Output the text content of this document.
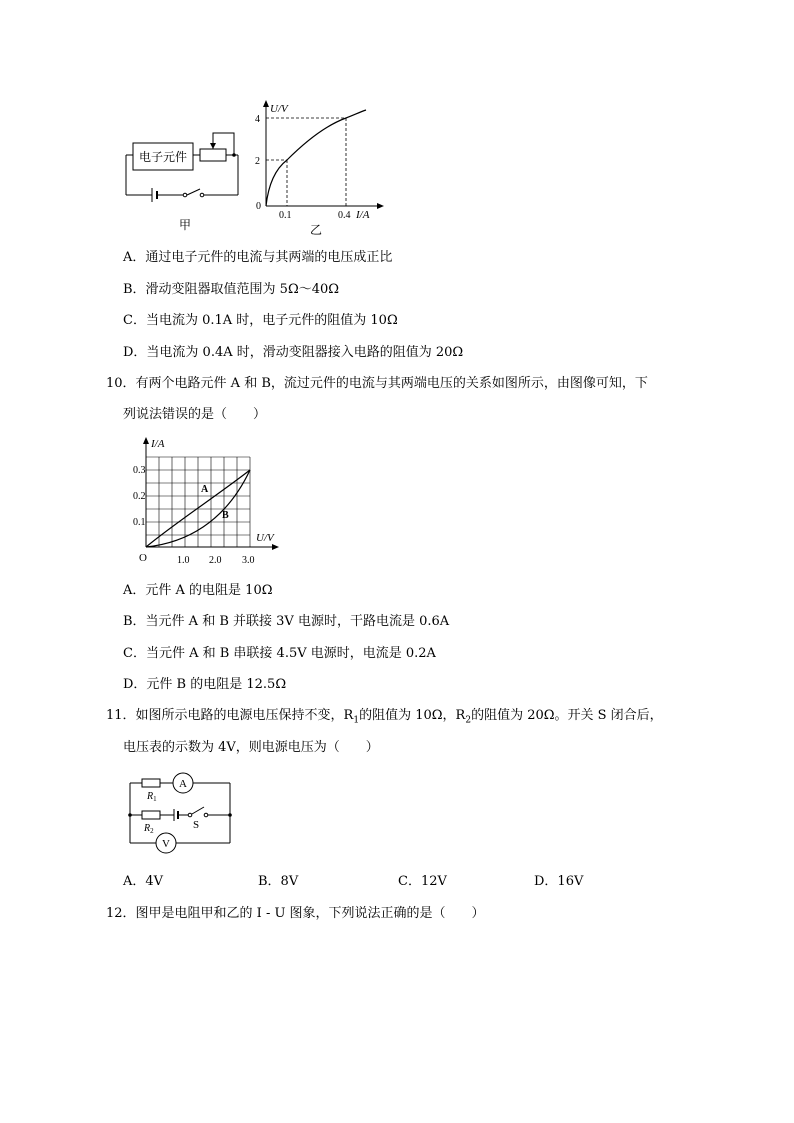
电子元件
甲
U/V
I/A
0
4
2
0.1	0.4
乙
A．通过电子元件的电流与其两端的电压成正比
B．滑动变阻器取值范围为 5Ω～40Ω
C．当电流为 0.1A 时，电子元件的阻值为 10Ω
D．当电流为 0.4A 时，滑动变阻器接入电路的阻值为 20Ω
10．有两个电路元件 A 和 B，流过元件的电流与其两端电压的关系如图所示，由图像可知，下
列说法错误的是（　　）
I/A
U/V
O
0.3
0.2
0.1
1.0 2.0 3.0
A
B
A．元件 A 的电阻是 10Ω
B．当元件 A 和 B 并联接 3V 电源时，干路电流是 0.6A
C．当元件 A 和 B 串联接 4.5V 电源时，电流是 0.2A
D．元件 B 的电阻是 12.5Ω
11．如图所示电路的电源电压保持不变，$R_1$的阻值为 10Ω，$R_2$的阻值为 20Ω。开关 S 闭合后，
电压表的示数为 4V，则电源电压为（　　）
A
$R_1$
$R_2$	S
V
A．4V	B．8V	C．12V	D．16V
12．图甲是电阻甲和乙的 I - U 图象，下列说法正确的是（　　）
